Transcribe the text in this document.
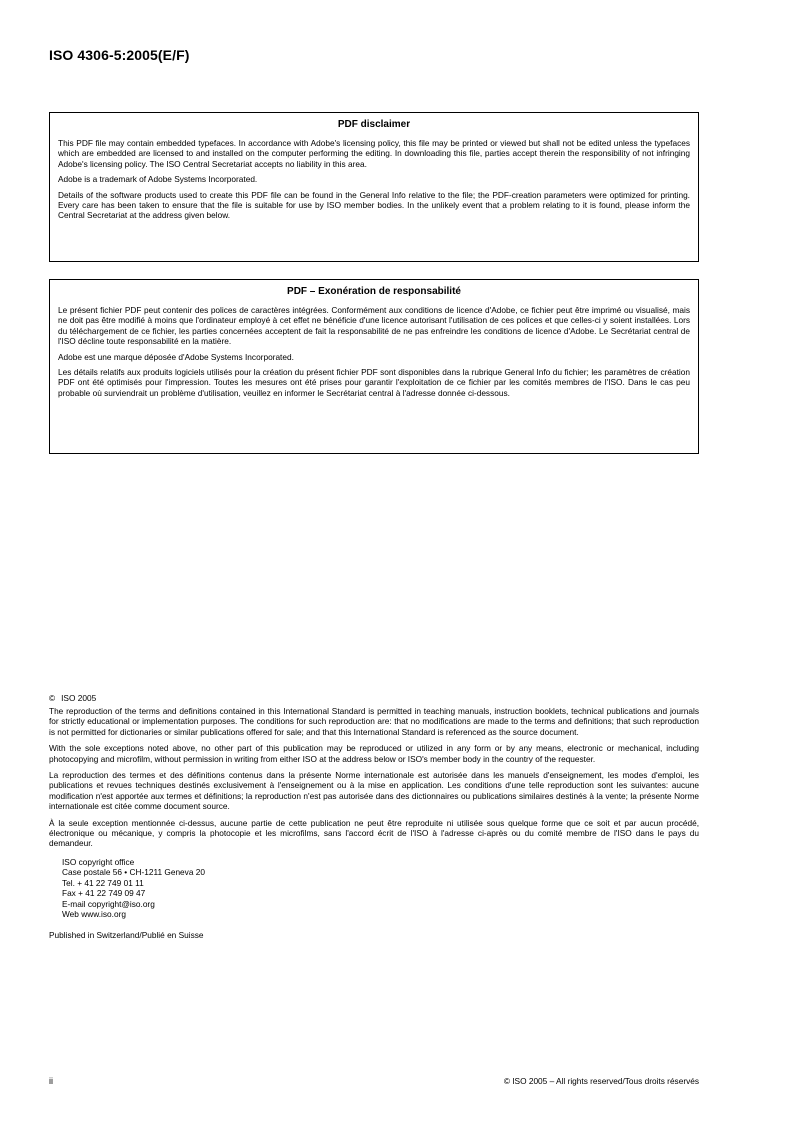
ISO 4306-5:2005(E/F)
PDF disclaimer

This PDF file may contain embedded typefaces. In accordance with Adobe's licensing policy, this file may be printed or viewed but shall not be edited unless the typefaces which are embedded are licensed to and installed on the computer performing the editing. In downloading this file, parties accept therein the responsibility of not infringing Adobe's licensing policy. The ISO Central Secretariat accepts no liability in this area.

Adobe is a trademark of Adobe Systems Incorporated.

Details of the software products used to create this PDF file can be found in the General Info relative to the file; the PDF-creation parameters were optimized for printing. Every care has been taken to ensure that the file is suitable for use by ISO member bodies. In the unlikely event that a problem relating to it is found, please inform the Central Secretariat at the address given below.

PDF – Exonération de responsabilité

Le présent fichier PDF peut contenir des polices de caractères intégrées. Conformément aux conditions de licence d'Adobe, ce fichier peut être imprimé ou visualisé, mais ne doit pas être modifié à moins que l'ordinateur employé à cet effet ne bénéficie d'une licence autorisant l'utilisation de ces polices et que celles-ci y soient installées. Lors du téléchargement de ce fichier, les parties concernées acceptent de fait la responsabilité de ne pas enfreindre les conditions de licence d'Adobe. Le Secrétariat central de l'ISO décline toute responsabilité en la matière.

Adobe est une marque déposée d'Adobe Systems Incorporated.

Les détails relatifs aux produits logiciels utilisés pour la création du présent fichier PDF sont disponibles dans la rubrique General Info du fichier; les paramètres de création PDF ont été optimisés pour l'impression. Toutes les mesures ont été prises pour garantir l'exploitation de ce fichier par les comités membres de l'ISO. Dans le cas peu probable où surviendrait un problème d'utilisation, veuillez en informer le Secrétariat central à l'adresse donnée ci-dessous.

© ISO 2005

The reproduction of the terms and definitions contained in this International Standard is permitted in teaching manuals, instruction booklets, technical publications and journals for strictly educational or implementation purposes. The conditions for such reproduction are: that no modifications are made to the terms and definitions; that such reproduction is not permitted for dictionaries or similar publications offered for sale; and that this International Standard is referenced as the source document.

With the sole exceptions noted above, no other part of this publication may be reproduced or utilized in any form or by any means, electronic or mechanical, including photocopying and microfilm, without permission in writing from either ISO at the address below or ISO's member body in the country of the requester.

La reproduction des termes et des définitions contenus dans la présente Norme internationale est autorisée dans les manuels d'enseignement, les modes d'emploi, les publications et revues techniques destinés exclusivement à l'enseignement ou à la mise en application. Les conditions d'une telle reproduction sont les suivantes: aucune modification n'est apportée aux termes et définitions; la reproduction n'est pas autorisée dans des dictionnaires ou publications similaires destinés à la vente; la présente Norme internationale est citée comme document source.

À la seule exception mentionnée ci-dessus, aucune partie de cette publication ne peut être reproduite ni utilisée sous quelque forme que ce soit et par aucun procédé, électronique ou mécanique, y compris la photocopie et les microfilms, sans l'accord écrit de l'ISO à l'adresse ci-après ou du comité membre de l'ISO dans le pays du demandeur.

ISO copyright office
Case postale 56 • CH-1211 Geneva 20
Tel. + 41 22 749 01 11
Fax + 41 22 749 09 47
E-mail copyright@iso.org
Web www.iso.org
Published in Switzerland/Publié en Suisse
ii	© ISO 2005 – All rights reserved/Tous droits réservés
